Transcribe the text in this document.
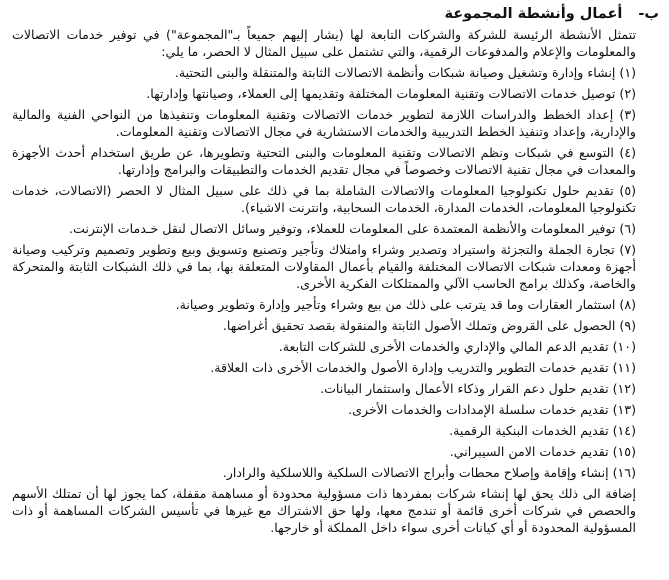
ب-
أعمال وأنشطة المجموعة

تتمثل الأنشطة الرئيسة للشركة والشركات التابعة لها (يشار إليهم جميعاً بـ"المجموعة") في توفير خدمات الاتصالات والمعلومات والإعلام والمدفوعات الرقمية، والتي تشتمل على سبيل المثال لا الحصر، ما يلي:

(١) إنشاء وإدارة وتشغيل وصيانة شبكات وأنظمة الاتصالات الثابتة والمتنقلة والبنى التحتية.
(٢) توصيل خدمات الاتصالات وتقنية المعلومات المختلفة وتقديمها إلى العملاء، وصيانتها وإدارتها.
(٣) إعداد الخطط والدراسات اللازمة لتطوير خدمات الاتصالات وتقنية المعلومات وتنفيذها من النواحي الفنية والمالية والإدارية، وإعداد وتنفيذ الخطط التدريبية والخدمات الاستشارية في مجال الاتصالات وتقنية المعلومات.
(٤) التوسع في شبكات ونظم الاتصالات وتقنية المعلومات والبنى التحتية وتطويرها، عن طريق استخدام أحدث الأجهزة والمعدات في مجال تقنية الاتصالات وخصوصاً في مجال تقديم الخدمات والتطبيقات والبرامج وإدارتها.
(٥) تقديم حلول تكنولوجيا المعلومات والاتصالات الشاملة بما في ذلك على سبيل المثال لا الحصر (الاتصالات، خدمات تكنولوجيا المعلومات، الخدمات المدارة، الخدمات السحابية، وانترنت الاشياء).
(٦) توفير المعلومات والأنظمة المعتمدة على المعلومات للعملاء، وتوفير وسائل الاتصال لنقل خـدمات الإنترنت.
(٧) تجارة الجملة والتجزئة واستيراد وتصدير وشراء وامتلاك وتأجير وتصنيع وتسويق وبيع وتطوير وتصميم وتركيب وصيانة أجهزة ومعدات شبكات الاتصالات المختلفة والقيام بأعمال المقاولات المتعلقة بها، بما في ذلك الشبكات الثابتة والمتحركة والخاصة، وكذلك برامج الحاسب الآلي والممتلكات الفكرية الأخرى.
(٨) استثمار العقارات وما قد يترتب على ذلك من بيع وشراء وتأجير وإدارة وتطوير وصيانة.
(٩) الحصول على القروض وتملك الأصول الثابتة والمنقولة بقصد تحقيق أغراضها.
(١٠) تقديم الدعم المالي والإداري والخدمات الأخرى للشركات التابعة.
(١١) تقديم خدمات التطوير والتدريب وإدارة الأصول والخدمات الأخرى ذات العلاقة.
(١٢) تقديم حلول دعم القرار وذكاء الأعمال واستثمار البيانات.
(١٣) تقديم خدمات سلسلة الإمدادات والخدمات الأخرى.
(١٤) تقديم الخدمات البنكية الرقمية.
(١٥) تقديم خدمات الامن السيبراني.
(١٦) إنشاء وإقامة وإصلاح محطات وأبراج الاتصالات السلكية واللاسلكية والرادار.

إضافة الى ذلك يحق لها إنشاء شركات بمفردها ذات مسؤولية محدودة أو مساهمة مقفلة، كما يجوز لها أن تمتلك الأسهم والحصص في شركات أخرى قائمة أو تندمج معها، ولها حق الاشتراك مع غيرها في تأسيس الشركات المساهمة أو ذات المسؤولية المحدودة أو أي كيانات أخرى سواء داخل المملكة أو خارجها.
